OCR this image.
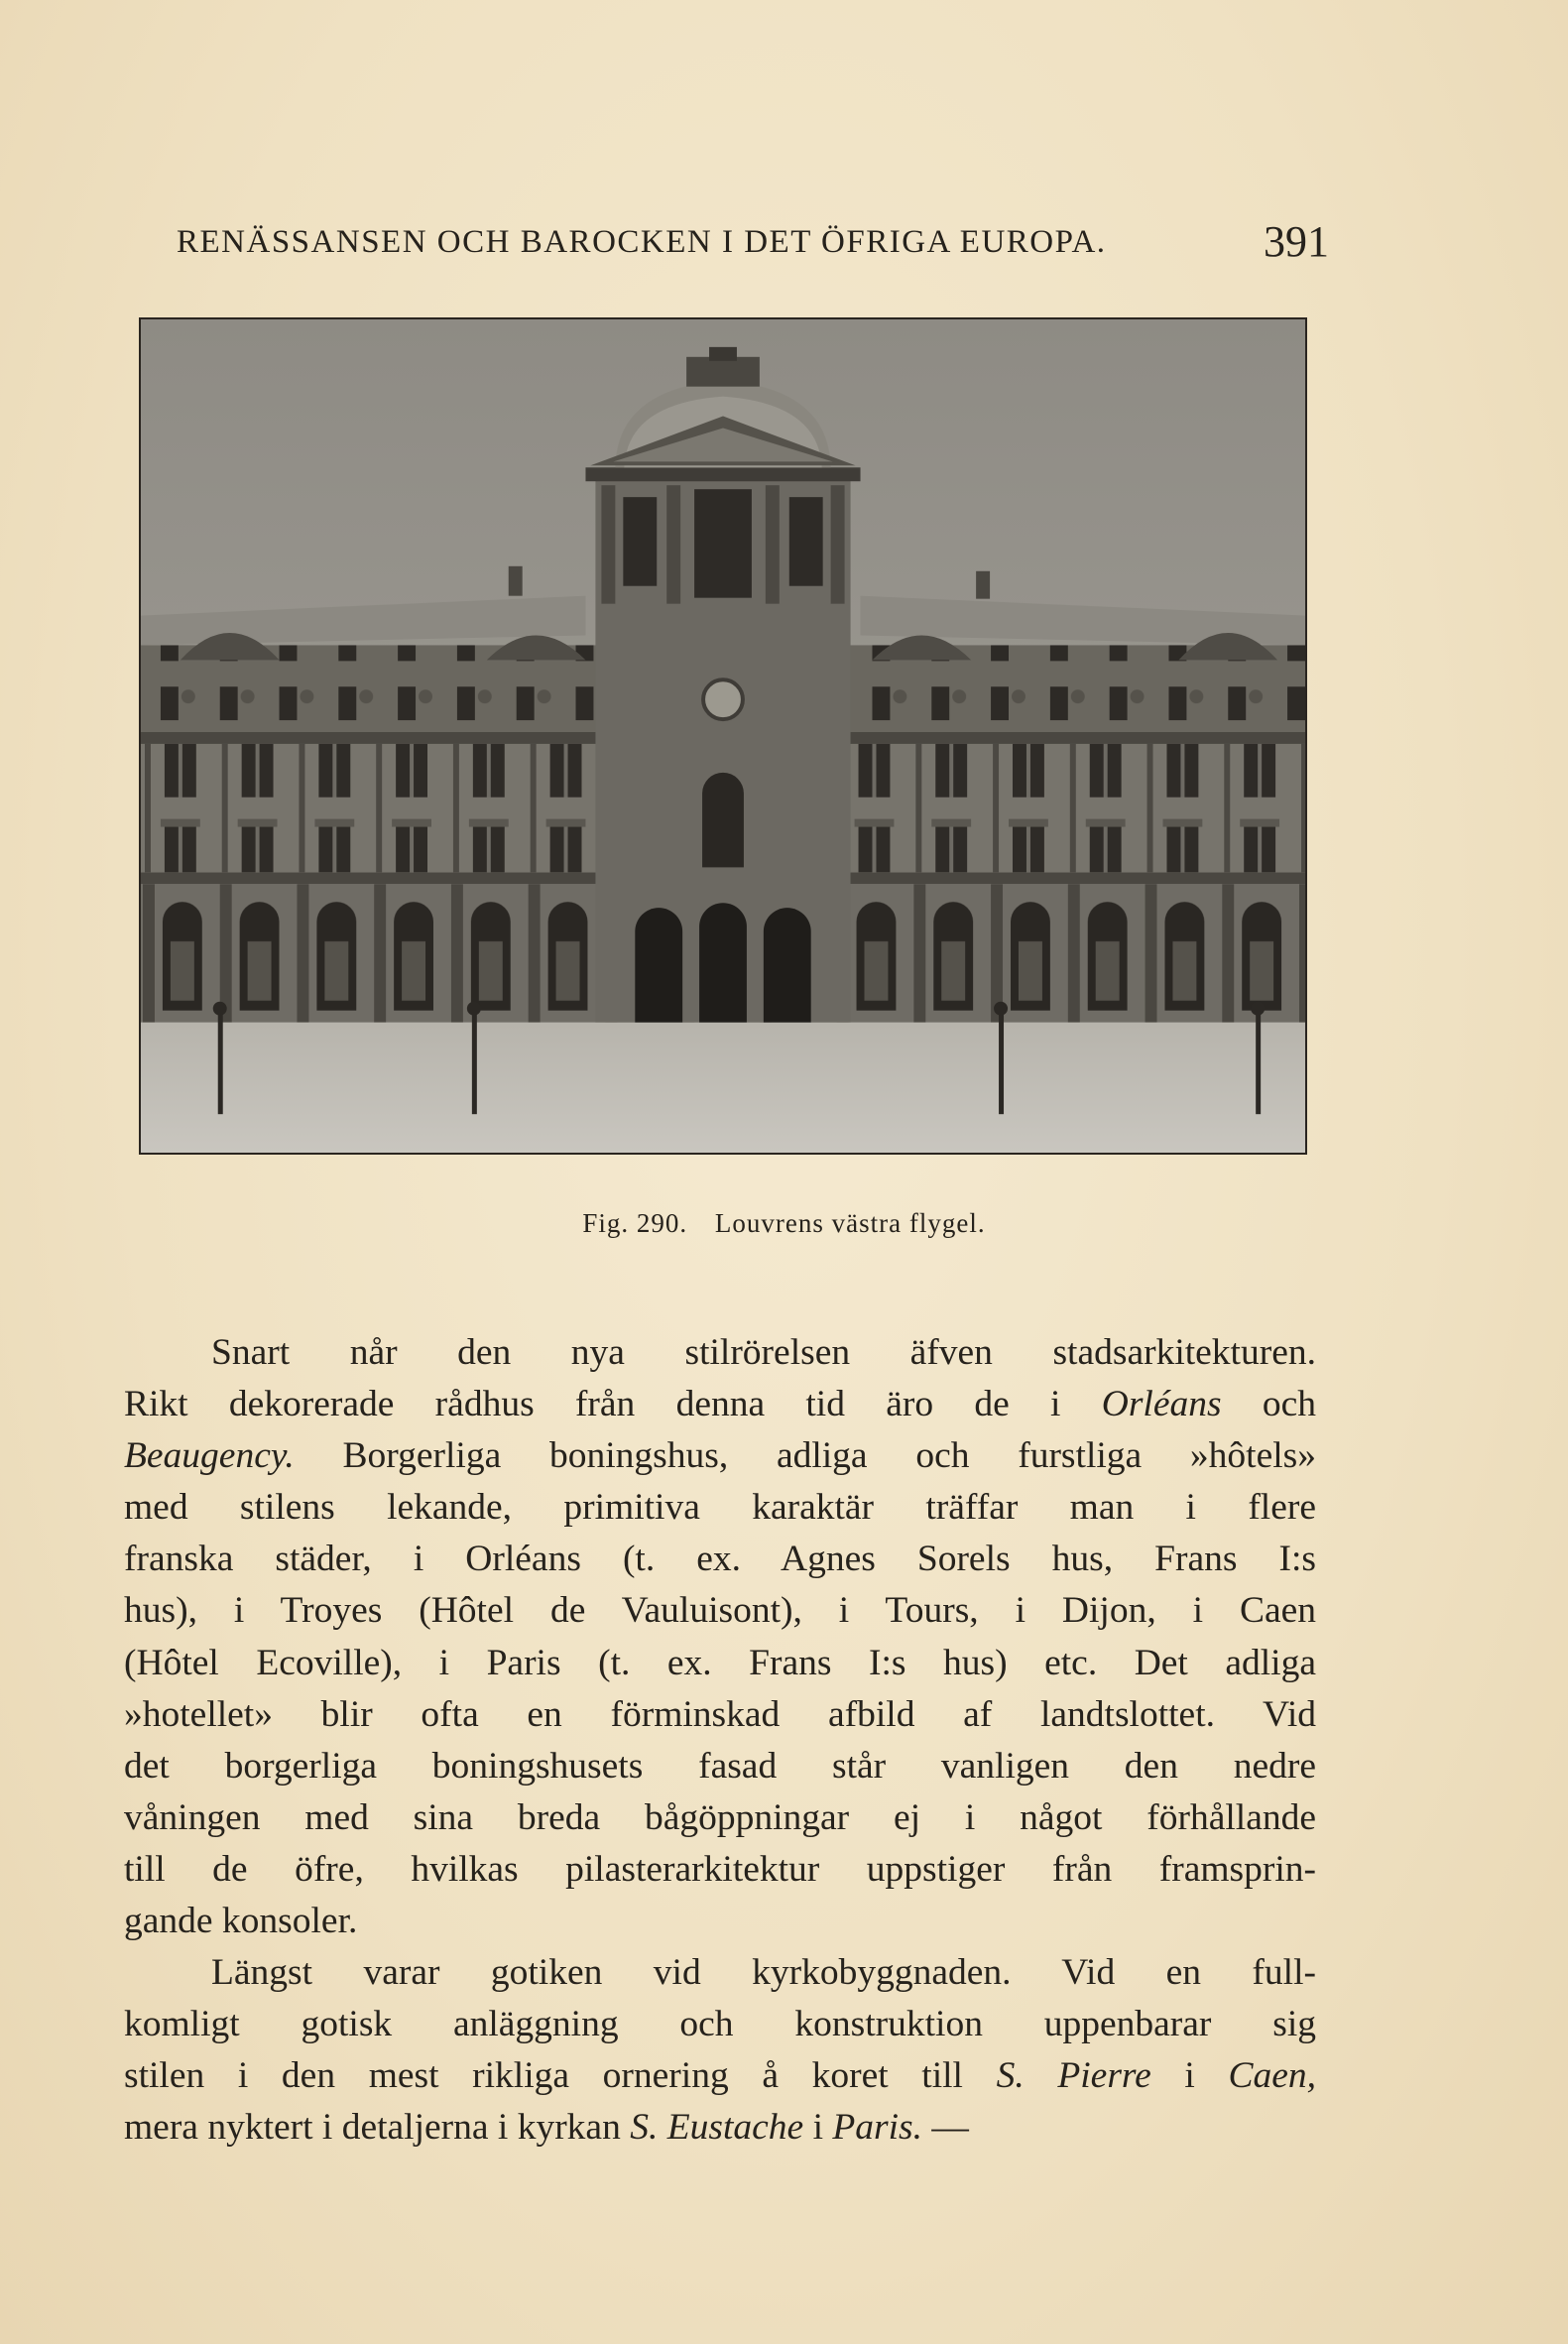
RENÄSSANSEN OCH BAROCKEN I DET ÖFRIGA EUROPA.	391
Fig. 290. Louvrens västra flygel.
Snart når den nya stilrörelsen äfven stadsarkitekturen.
Rikt dekorerade rådhus från denna tid äro de i Orléans och
Beaugency. Borgerliga boningshus, adliga och furstliga »hôtels»
med stilens lekande, primitiva karaktär träffar man i flere
franska städer, i Orléans (t. ex. Agnes Sorels hus, Frans I:s
hus), i Troyes (Hôtel de Vauluisont), i Tours, i Dijon, i Caen
(Hôtel Ecoville), i Paris (t. ex. Frans I:s hus) etc. Det adliga
»hotellet» blir ofta en förminskad afbild af landtslottet. Vid
det borgerliga boningshusets fasad står vanligen den nedre
våningen med sina breda bågöppningar ej i något förhållande
till de öfre, hvilkas pilasterarkitektur uppstiger från framsprin-
gande konsoler.
Längst varar gotiken vid kyrkobyggnaden. Vid en full-
komligt gotisk anläggning och konstruktion uppenbarar sig
stilen i den mest rikliga ornering å koret till S. Pierre i Caen,
mera nyktert i detaljerna i kyrkan S. Eustache i Paris. —
